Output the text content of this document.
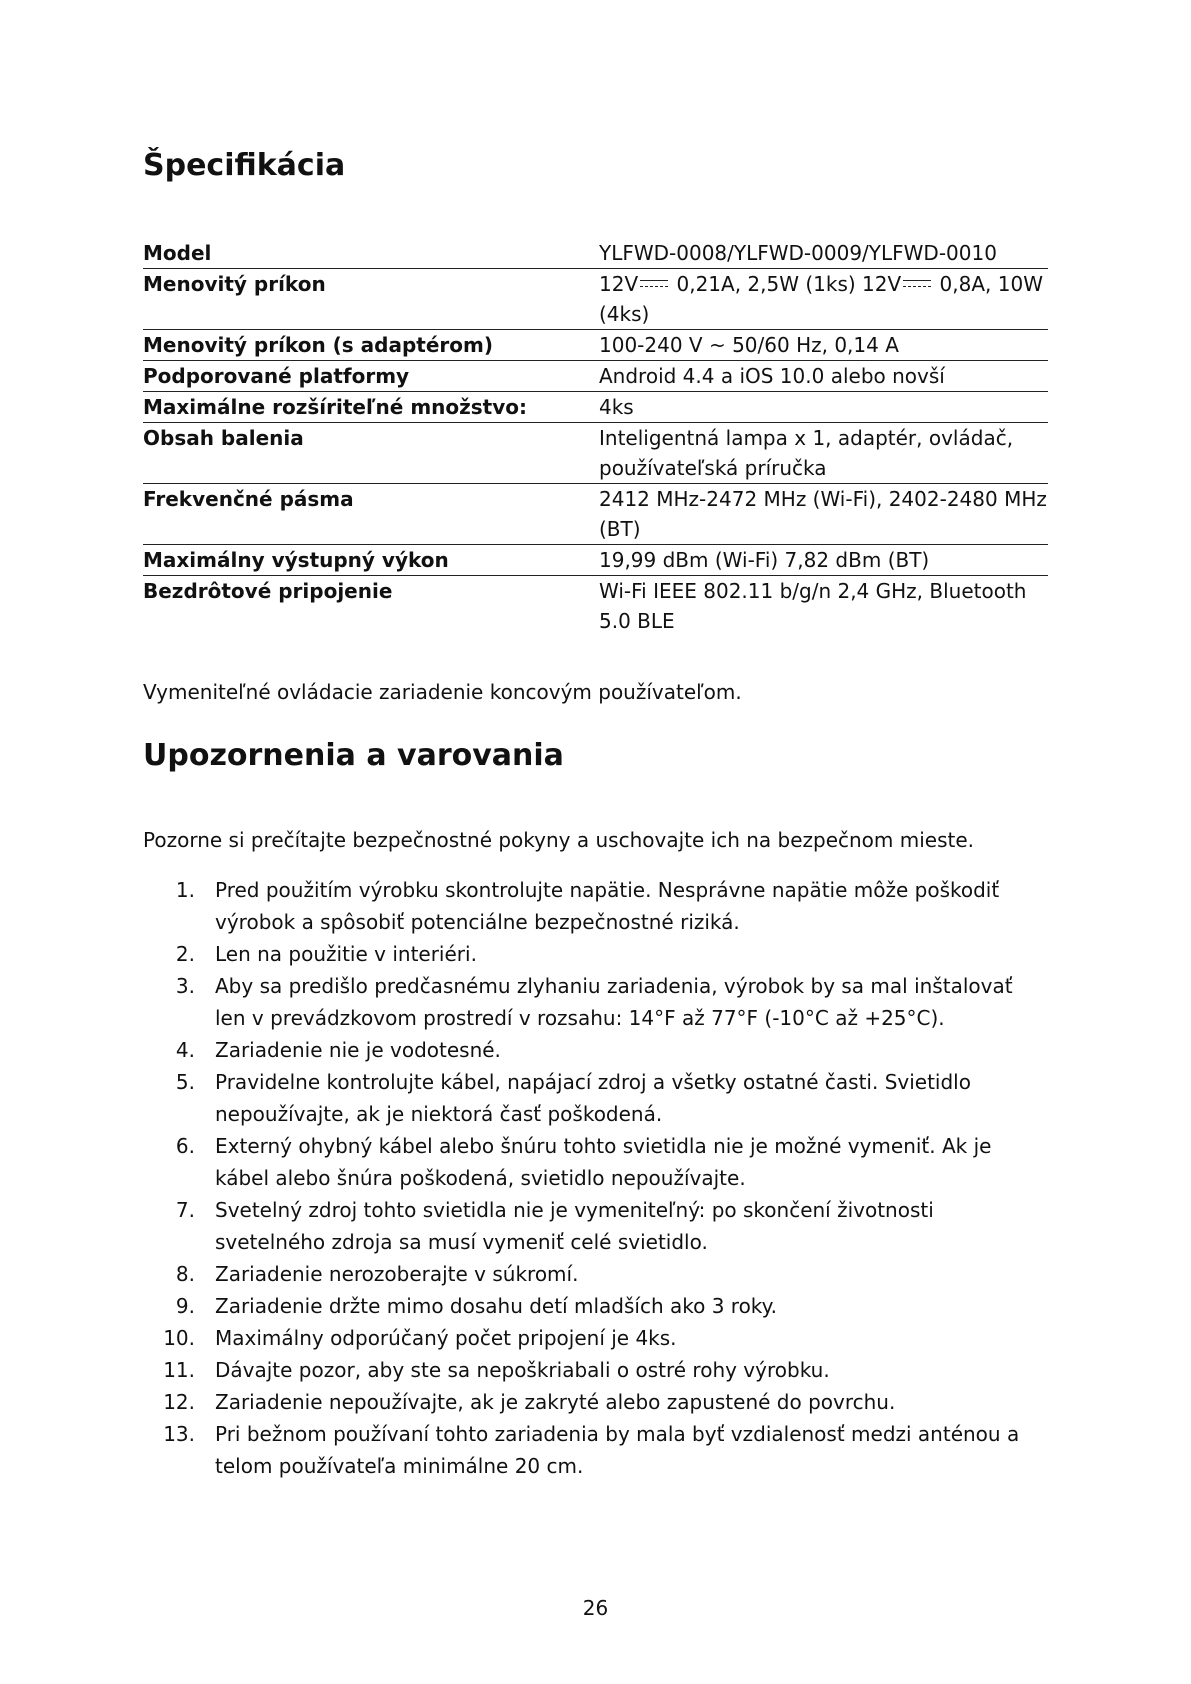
Špecifikácia
Model	YLFWD-0008/YLFWD-0009/YLFWD-0010
Menovitý príkon	12V 0,21A, 2,5W (1ks) 12V 0,8A, 10W (4ks)
Menovitý príkon (s adaptérom)	100-240 V ~ 50/60 Hz, 0,14 A
Podporované platformy	Android 4.4 a iOS 10.0 alebo novší
Maximálne rozšíriteľné množstvo:	4ks
Obsah balenia	Inteligentná lampa x 1, adaptér, ovládač, používateľská príručka
Frekvenčné pásma	2412 MHz-2472 MHz (Wi-Fi), 2402-2480 MHz (BT)
Maximálny výstupný výkon	19,99 dBm (Wi-Fi) 7,82 dBm (BT)
Bezdrôtové pripojenie	Wi-Fi IEEE 802.11 b/g/n 2,4 GHz, Bluetooth 5.0 BLE
Vymeniteľné ovládacie zariadenie koncovým používateľom.
Upozornenia a varovania
Pozorne si prečítajte bezpečnostné pokyny a uschovajte ich na bezpečnom mieste.
1. Pred použitím výrobku skontrolujte napätie. Nesprávne napätie môže poškodiť výrobok a spôsobiť potenciálne bezpečnostné riziká.
2. Len na použitie v interiéri.
3. Aby sa predišlo predčasnému zlyhaniu zariadenia, výrobok by sa mal inštalovať len v prevádzkovom prostredí v rozsahu: 14°F až 77°F (-10°C až +25°C).
4. Zariadenie nie je vodotesné.
5. Pravidelne kontrolujte kábel, napájací zdroj a všetky ostatné časti. Svietidlo nepoužívajte, ak je niektorá časť poškodená.
6. Externý ohybný kábel alebo šnúru tohto svietidla nie je možné vymeniť. Ak je kábel alebo šnúra poškodená, svietidlo nepoužívajte.
7. Svetelný zdroj tohto svietidla nie je vymeniteľný: po skončení životnosti svetelného zdroja sa musí vymeniť celé svietidlo.
8. Zariadenie nerozoberajte v súkromí.
9. Zariadenie držte mimo dosahu detí mladších ako 3 roky.
10. Maximálny odporúčaný počet pripojení je 4ks.
11. Dávajte pozor, aby ste sa nepoškriabali o ostré rohy výrobku.
12. Zariadenie nepoužívajte, ak je zakryté alebo zapustené do povrchu.
13. Pri bežnom používaní tohto zariadenia by mala byť vzdialenosť medzi anténou a telom používateľa minimálne 20 cm.
26
